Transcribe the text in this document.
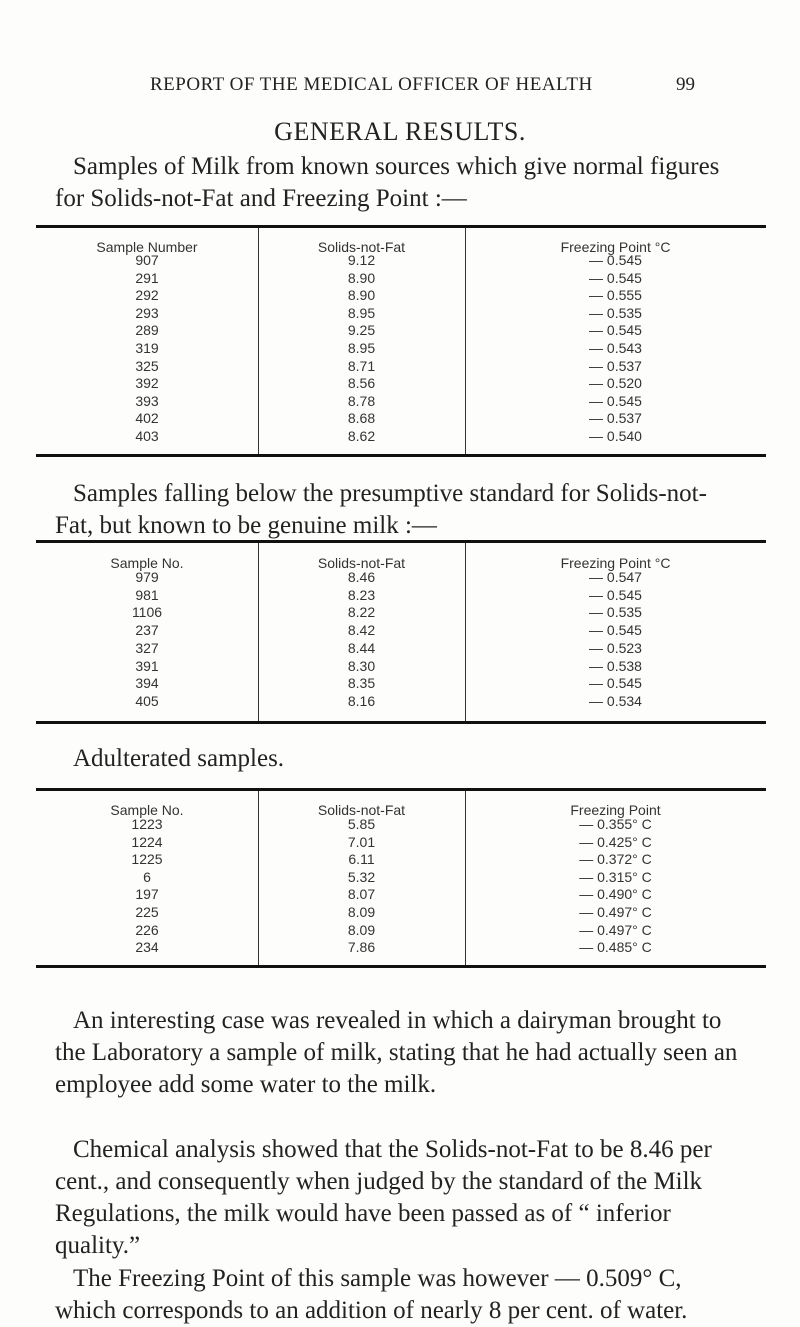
REPORT OF THE MEDICAL OFFICER OF HEALTH	99
GENERAL RESULTS.

Samples of Milk from known sources which give normal figures for Solids-not-Fat and Freezing Point :—

Sample Number	Solids-not-Fat	Freezing Point °C
907	9.12	— 0.545
291	8.90	— 0.545
292	8.90	— 0.555
293	8.95	— 0.535
289	9.25	— 0.545
319	8.95	— 0.543
325	8.71	— 0.537
392	8.56	— 0.520
393	8.78	— 0.545
402	8.68	— 0.537
403	8.62	— 0.540

Samples falling below the presumptive standard for Solids-not-Fat, but known to be genuine milk :—

Sample No.	Solids-not-Fat	Freezing Point °C
979	8.46	— 0.547
981	8.23	— 0.545
1106	8.22	— 0.535
237	8.42	— 0.545
327	8.44	— 0.523
391	8.30	— 0.538
394	8.35	— 0.545
405	8.16	— 0.534
Adulterated samples.
Sample No.	Solids-not-Fat	Freezing Point
1223	5.85	— 0.355° C
1224	7.01	— 0.425° C
1225	6.11	— 0.372° C
6	5.32	— 0.315° C
197	8.07	— 0.490° C
225	8.09	— 0.497° C
226	8.09	— 0.497° C
234	7.86	— 0.485° C

An interesting case was revealed in which a dairyman brought to the Laboratory a sample of milk, stating that he had actually seen an employee add some water to the milk.

Chemical analysis showed that the Solids-not-Fat to be 8.46 per cent., and consequently when judged by the standard of the Milk Regulations, the milk would have been passed as of “ inferior quality.”

The Freezing Point of this sample was however — 0.509° C, which corresponds to an addition of nearly 8 per cent. of water.
